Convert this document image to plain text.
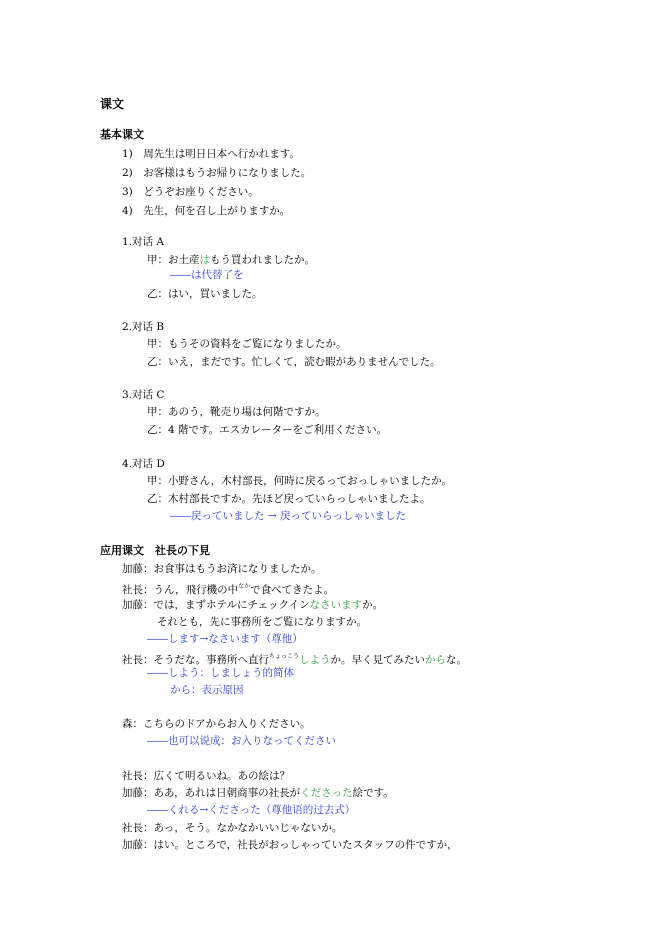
课文
基本课文
1)　周先生は明日日本へ行かれます。
2)　お客様はもうお帰りになりました。
3)　どうぞお座りください。
4)　先生，何を召し上がりますか。
1.对话 A
甲：お土産はもう買われましたか。
――は代替了を
乙：はい，買いました。
2.对话 B
甲：もうその資料をご覧になりましたか。
乙：いえ，まだです。忙しくて，読む暇がありませんでした。
3.对话 C
甲：あのう，靴売り場は何階ですか。
乙：4 階です。エスカレーターをご利用ください。
4.对话 D
甲：小野さん，木村部長，何時に戻るっておっしゃいましたか。
乙：木村部長ですか。先ほど戻っていらっしゃいましたよ。
――戻っていました → 戻っていらっしゃいました
应用课文　社長の下見
加藤：お食事はもうお済になりましたか。
社長：うん，飛行機の中$^{なか}$で食べてきたよ。
加藤：では，まずホテルにチェックインなさいますか。
それとも，先に事務所をご覧になりますか。
――します→なさいます（尊他）
社長：そうだな。事務所へ直行$^{ちょっこう}$しようか。早く見てみたいからな。
――しよう：しましょう的简体
から：表示原因
森：こちらのドアからお入りください。
――也可以说成：お入りなってください
社長：広くて明るいね。あの絵は？
加藤：ああ，あれは日朝商事の社長がくださった絵です。
――くれる→くださった（尊他语的过去式）
社長：あっ，そう。なかなかいいじゃないか。
加藤：はい。ところで，社長がおっしゃっていたスタッフの件ですか，
